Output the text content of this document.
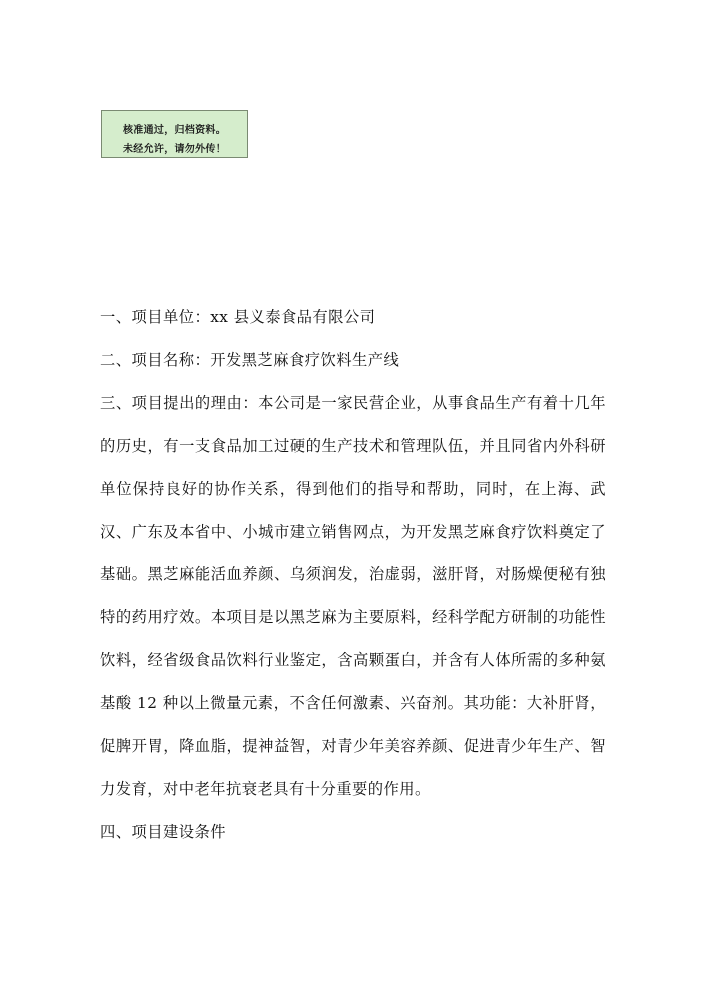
核准通过，归档资料。
未经允许，请勿外传！

一、项目单位：xx 县义泰食品有限公司

二、项目名称：开发黑芝麻食疗饮料生产线

三、项目提出的理由：本公司是一家民营企业，从事食品生产有着十几年的历史，有一支食品加工过硬的生产技术和管理队伍，并且同省内外科研单位保持良好的协作关系，得到他们的指导和帮助，同时，在上海、武汉、广东及本省中、小城市建立销售网点，为开发黑芝麻食疗饮料奠定了基础。黑芝麻能活血养颜、乌须润发，治虚弱，滋肝肾，对肠燥便秘有独特的药用疗效。本项目是以黑芝麻为主要原料，经科学配方研制的功能性饮料，经省级食品饮料行业鉴定，含高颗蛋白，并含有人体所需的多种氨基酸 12 种以上微量元素，不含任何激素、兴奋剂。其功能：大补肝肾，促脾开胃，降血脂，提神益智，对青少年美容养颜、促进青少年生产、智力发育，对中老年抗衰老具有十分重要的作用。

四、项目建设条件
